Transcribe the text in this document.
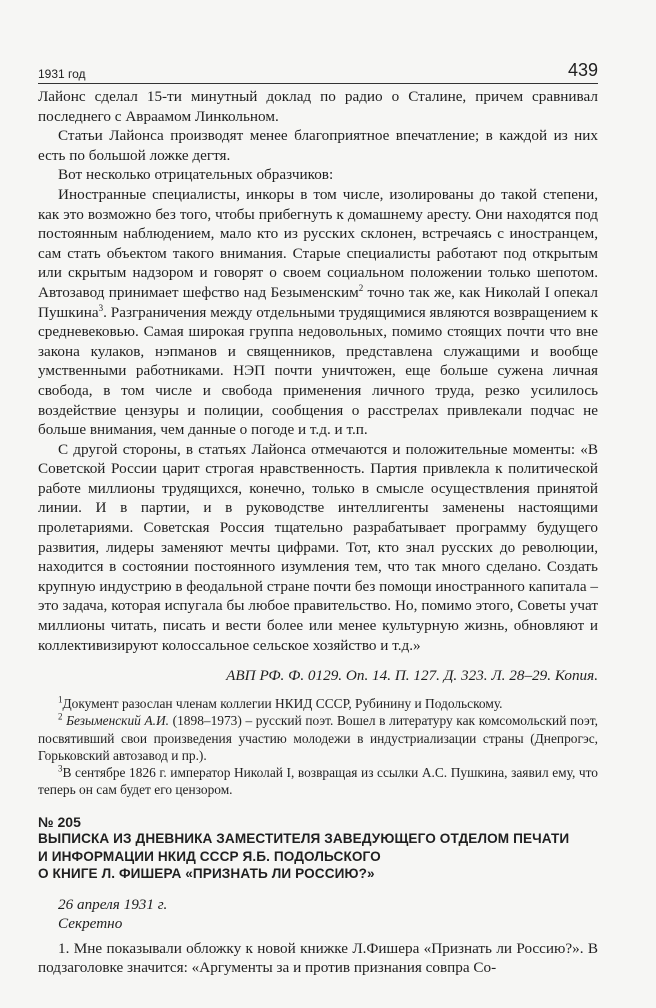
1931 год	439

Лайонс сделал 15-ти минутный доклад по радио о Сталине, причем сравнивал последнего с Авраамом Линкольном.

Статьи Лайонса производят менее благоприятное впечатление; в каждой из них есть по большой ложке дегтя.

Вот несколько отрицательных образчиков:

Иностранные специалисты, инкоры в том числе, изолированы до такой степени, как это возможно без того, чтобы прибегнуть к домашнему аресту. Они находятся под постоянным наблюдением, мало кто из русских склонен, встречаясь с иностранцем, сам стать объектом такого внимания. Старые специалисты работают под открытым или скрытым надзором и говорят о своем социальном положении только шепотом. Автозавод принимает шефство над Безыменским$^2$ точно так же, как Николай I опекал Пушкина$^3$. Разграничения между отдельными трудящимися являются возвращением к средневековью. Самая широкая группа недовольных, помимо стоящих почти что вне закона кулаков, нэпманов и священников, представлена служащими и вообще умственными работниками. НЭП почти уничтожен, еще больше сужена личная свобода, в том числе и свобода применения личного труда, резко усилилось воздействие цензуры и полиции, сообщения о расстрелах привлекали подчас не больше внимания, чем данные о погоде и т.д. и т.п.

С другой стороны, в статьях Лайонса отмечаются и положительные моменты: «В Советской России царит строгая нравственность. Партия привлекла к политической работе миллионы трудящихся, конечно, только в смысле осуществления принятой линии. И в партии, и в руководстве интеллигенты заменены настоящими пролетариями. Советская Россия тщательно разрабатывает программу будущего развития, лидеры заменяют мечты цифрами. Тот, кто знал русских до революции, находится в состоянии постоянного изумления тем, что так много сделано. Создать крупную индустрию в феодальной стране почти без помощи иностранного капитала – это задача, которая испугала бы любое правительство. Но, помимо этого, Советы учат миллионы читать, писать и вести более или менее культурную жизнь, обновляют и коллективизируют колоссальное сельское хозяйство и т.д.»

АВП РФ. Ф. 0129. Оп. 14. П. 127. Д. 323. Л. 28–29. Копия.

$^1$Документ разослан членам коллегии НКИД СССР, Рубинину и Подольскому.

$^2$ Безыменский А.И. (1898–1973) – русский поэт. Вошел в литературу как комсомольский поэт, посвятивший свои произведения участию молодежи в индустриализации страны (Днепрогэс, Горьковский автозавод и пр.).

$^3$В сентябре 1826 г. император Николай I, возвращая из ссылки А.С. Пушкина, заявил ему, что теперь он сам будет его цензором.

№ 205
ВЫПИСКА ИЗ ДНЕВНИКА ЗАМЕСТИТЕЛЯ ЗАВЕДУЮЩЕГО ОТДЕЛОМ ПЕЧАТИ
И ИНФОРМАЦИИ НКИД СССР Я.Б. ПОДОЛЬСКОГО
О КНИГЕ Л. ФИШЕРА «ПРИЗНАТЬ ЛИ РОССИЮ?»
26 апреля 1931 г.
Секретно

1. Мне показывали обложку к новой книжке Л.Фишера «Признать ли Россию?». В подзаголовке значится: «Аргументы за и против признания совпра Со-
